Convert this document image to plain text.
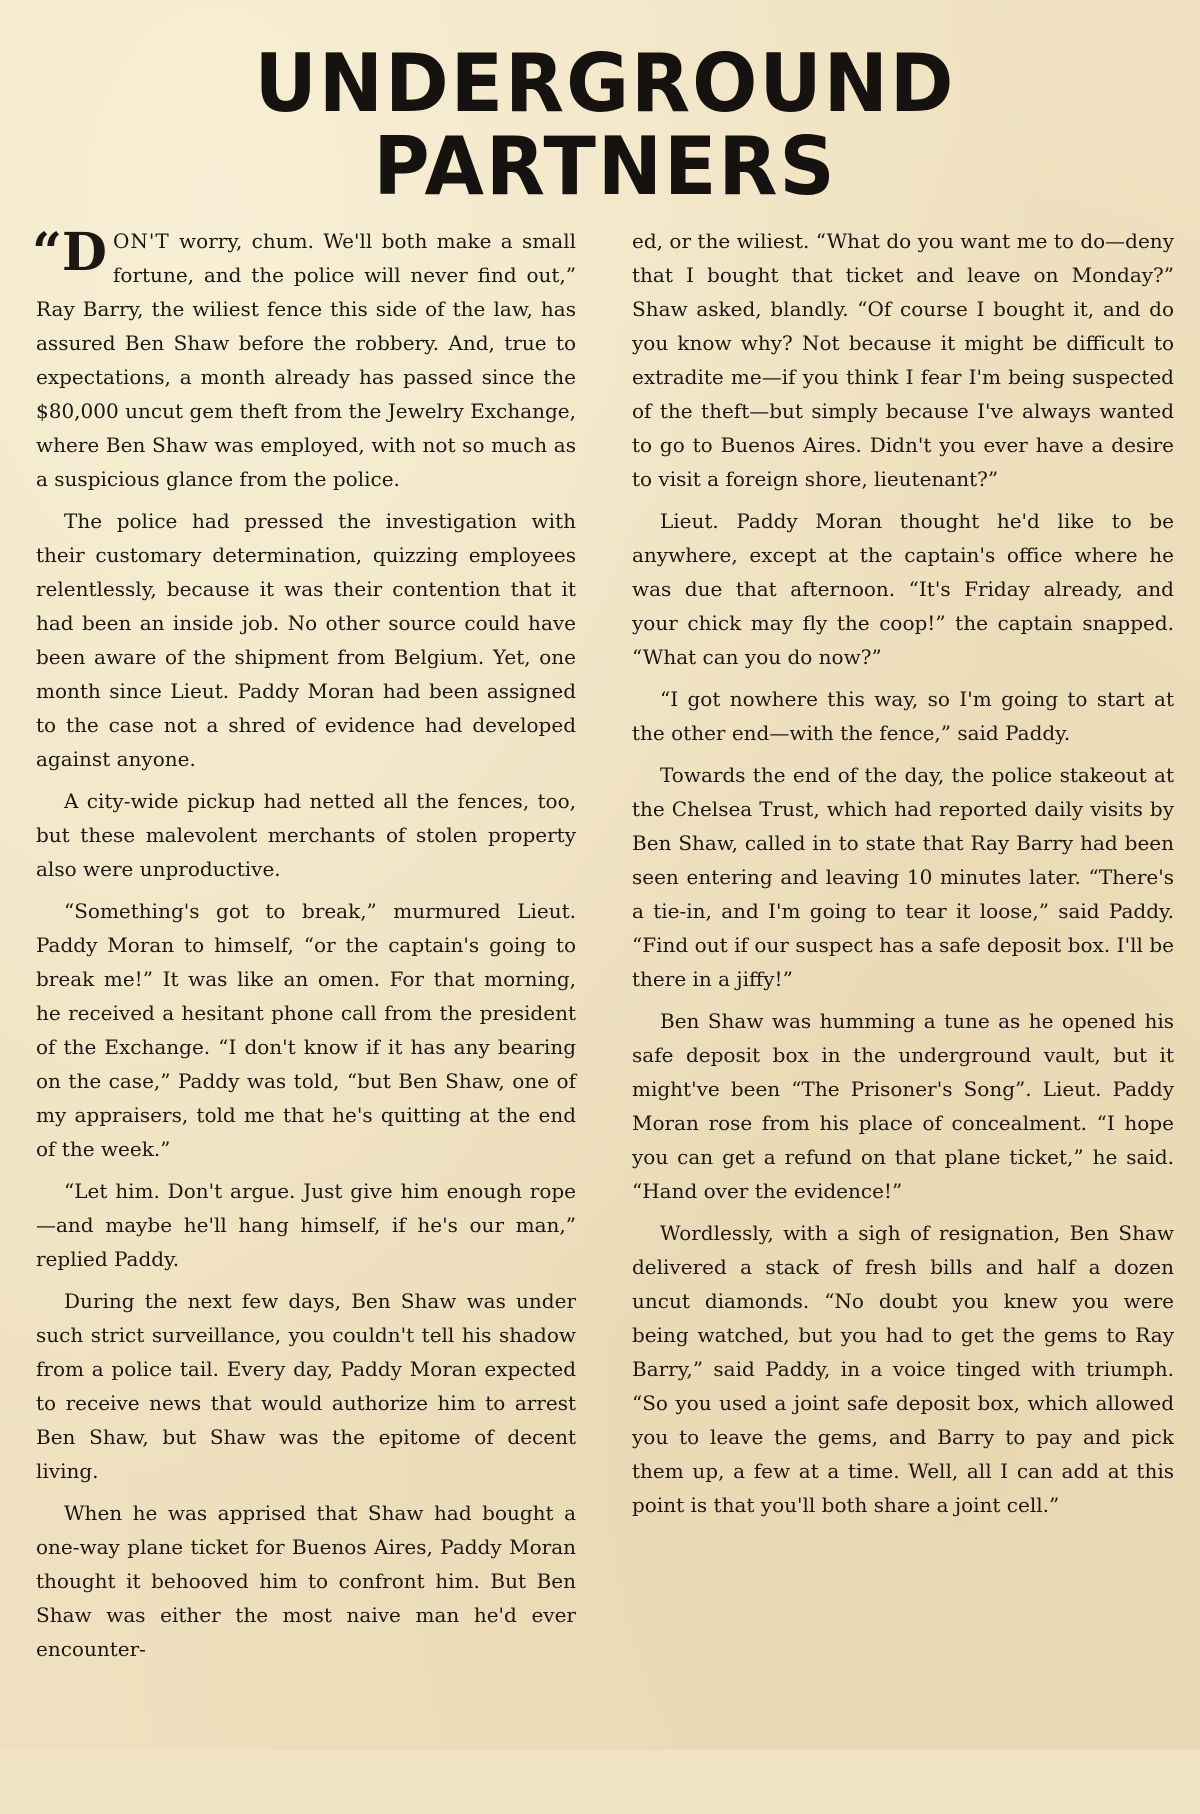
UNDERGROUND PARTNERS

“D ON'T worry, chum. We'll both make a small fortune, and the police will never find out,” Ray Barry, the wiliest fence this side of the law, has assured Ben Shaw before the robbery. And, true to expectations, a month already has passed since the $80,000 uncut gem theft from the Jewelry Exchange, where Ben Shaw was employed, with not so much as a suspicious glance from the police.

The police had pressed the investigation with their customary determination, quizzing employees relentlessly, because it was their contention that it had been an inside job. No other source could have been aware of the shipment from Belgium. Yet, one month since Lieut. Paddy Moran had been assigned to the case not a shred of evidence had developed against anyone.

A city-wide pickup had netted all the fences, too, but these malevolent merchants of stolen property also were unproductive.

“Something's got to break,” murmured Lieut. Paddy Moran to himself, “or the captain's going to break me!” It was like an omen. For that morning, he received a hesitant phone call from the president of the Exchange. “I don't know if it has any bearing on the case,” Paddy was told, “but Ben Shaw, one of my appraisers, told me that he's quitting at the end of the week.”

“Let him. Don't argue. Just give him enough rope—and maybe he'll hang himself, if he's our man,” replied Paddy.

During the next few days, Ben Shaw was under such strict surveillance, you couldn't tell his shadow from a police tail. Every day, Paddy Moran expected to receive news that would authorize him to arrest Ben Shaw, but Shaw was the epitome of decent living.

When he was apprised that Shaw had bought a one-way plane ticket for Buenos Aires, Paddy Moran thought it behooved him to confront him. But Ben Shaw was either the most naive man he'd ever encounter-

ed, or the wiliest. “What do you want me to do—deny that I bought that ticket and leave on Monday?” Shaw asked, blandly. “Of course I bought it, and do you know why? Not because it might be difficult to extradite me—if you think I fear I'm being suspected of the theft—but simply because I've always wanted to go to Buenos Aires. Didn't you ever have a desire to visit a foreign shore, lieutenant?”

Lieut. Paddy Moran thought he'd like to be anywhere, except at the captain's office where he was due that afternoon. “It's Friday already, and your chick may fly the coop!” the captain snapped. “What can you do now?”

“I got nowhere this way, so I'm going to start at the other end—with the fence,” said Paddy.

Towards the end of the day, the police stakeout at the Chelsea Trust, which had reported daily visits by Ben Shaw, called in to state that Ray Barry had been seen entering and leaving 10 minutes later. “There's a tie-in, and I'm going to tear it loose,” said Paddy. “Find out if our suspect has a safe deposit box. I'll be there in a jiffy!”

Ben Shaw was humming a tune as he opened his safe deposit box in the underground vault, but it might've been “The Prisoner's Song”. Lieut. Paddy Moran rose from his place of concealment. “I hope you can get a refund on that plane ticket,” he said. “Hand over the evidence!”

Wordlessly, with a sigh of resignation, Ben Shaw delivered a stack of fresh bills and half a dozen uncut diamonds. “No doubt you knew you were being watched, but you had to get the gems to Ray Barry,” said Paddy, in a voice tinged with triumph. “So you used a joint safe deposit box, which allowed you to leave the gems, and Barry to pay and pick them up, a few at a time. Well, all I can add at this point is that you'll both share a joint cell.”
